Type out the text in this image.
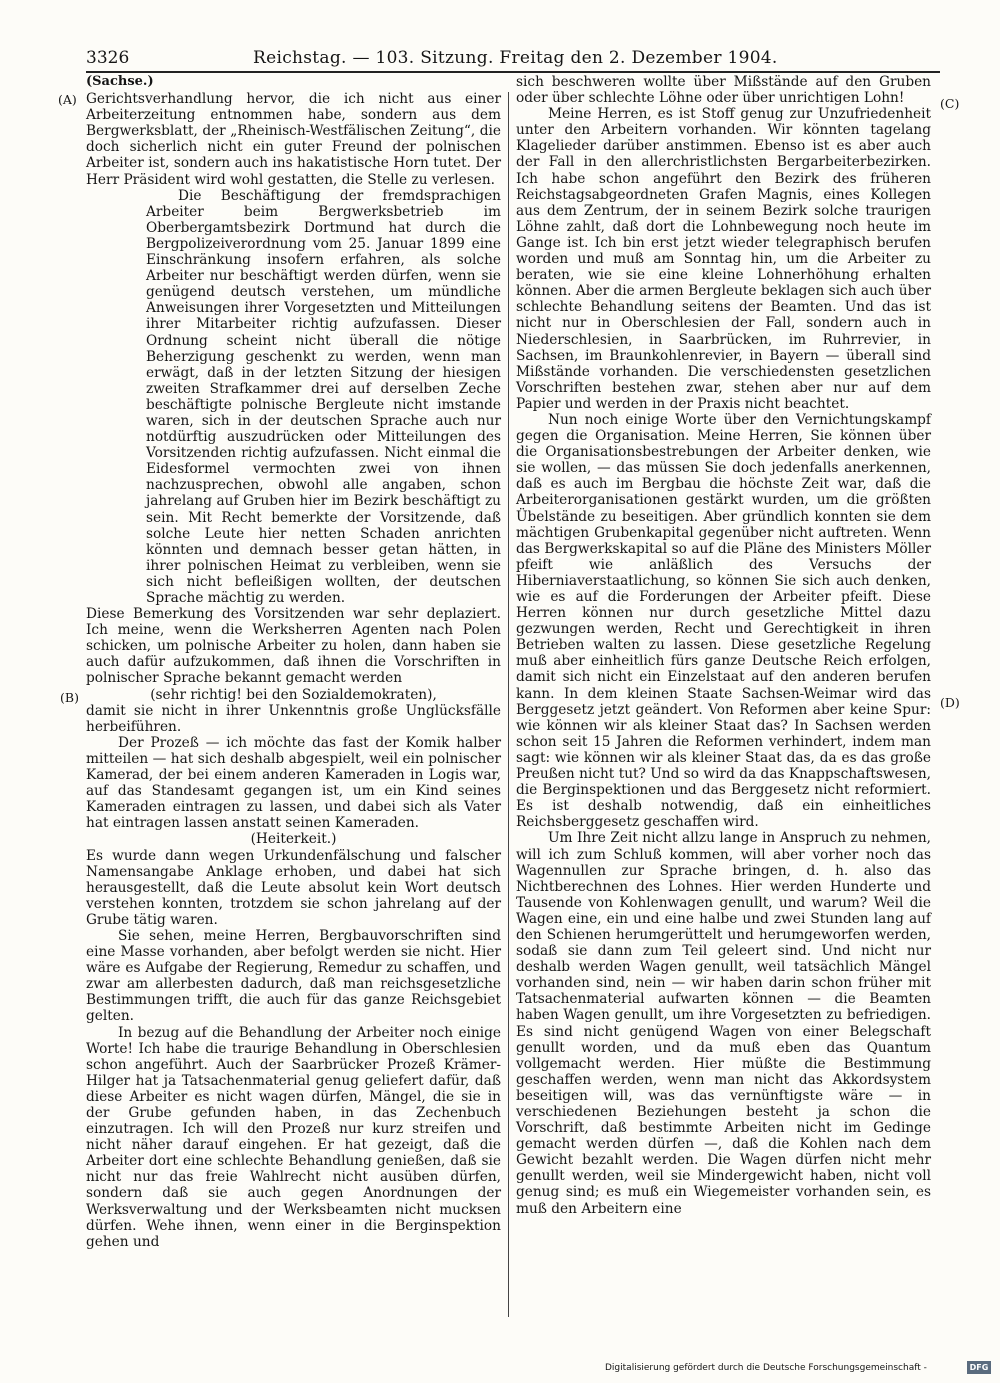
3326	Reichstag. — 103. Sitzung. Freitag den 2. Dezember 1904.
(A)
(B)
(C)
(D)
(Sachse.)

Gerichtsverhandlung hervor, die ich nicht aus einer Arbeiterzeitung entnommen habe, sondern aus dem Bergwerksblatt, der „Rheinisch-Westfälischen Zeitung“, die doch sicherlich nicht ein guter Freund der polnischen Arbeiter ist, sondern auch ins hakatistische Horn tutet. Der Herr Präsident wird wohl gestatten, die Stelle zu verlesen.

Die Beschäftigung der fremdsprachigen Arbeiter beim Bergwerksbetrieb im Oberbergamtsbezirk Dortmund hat durch die Bergpolizeiverordnung vom 25. Januar 1899 eine Einschränkung insofern erfahren, als solche Arbeiter nur beschäftigt werden dürfen, wenn sie genügend deutsch verstehen, um mündliche Anweisungen ihrer Vorgesetzten und Mitteilungen ihrer Mitarbeiter richtig aufzufassen. Dieser Ordnung scheint nicht überall die nötige Beherzigung geschenkt zu werden, wenn man erwägt, daß in der letzten Sitzung der hiesigen zweiten Strafkammer drei auf derselben Zeche beschäftigte polnische Bergleute nicht imstande waren, sich in der deutschen Sprache auch nur notdürftig auszudrücken oder Mitteilungen des Vorsitzenden richtig aufzufassen. Nicht einmal die Eidesformel vermochten zwei von ihnen nachzusprechen, obwohl alle angaben, schon jahrelang auf Gruben hier im Bezirk beschäftigt zu sein. Mit Recht bemerkte der Vorsitzende, daß solche Leute hier netten Schaden anrichten könnten und demnach besser getan hätten, in ihrer polnischen Heimat zu verbleiben, wenn sie sich nicht befleißigen wollten, der deutschen Sprache mächtig zu werden.

Diese Bemerkung des Vorsitzenden war sehr deplaziert. Ich meine, wenn die Werksherren Agenten nach Polen schicken, um polnische Arbeiter zu holen, dann haben sie auch dafür aufzukommen, daß ihnen die Vorschriften in polnischer Sprache bekannt gemacht werden

(sehr richtig! bei den Sozialdemokraten),

damit sie nicht in ihrer Unkenntnis große Unglücksfälle herbeiführen.

Der Prozeß — ich möchte das fast der Komik halber mitteilen — hat sich deshalb abgespielt, weil ein polnischer Kamerad, der bei einem anderen Kameraden in Logis war, auf das Standesamt gegangen ist, um ein Kind seines Kameraden eintragen zu lassen, und dabei sich als Vater hat eintragen lassen anstatt seinen Kameraden.

(Heiterkeit.)

Es wurde dann wegen Urkundenfälschung und falscher Namensangabe Anklage erhoben, und dabei hat sich herausgestellt, daß die Leute absolut kein Wort deutsch verstehen konnten, trotzdem sie schon jahrelang auf der Grube tätig waren.

Sie sehen, meine Herren, Bergbauvorschriften sind eine Masse vorhanden, aber befolgt werden sie nicht. Hier wäre es Aufgabe der Regierung, Remedur zu schaffen, und zwar am allerbesten dadurch, daß man reichsgesetzliche Bestimmungen trifft, die auch für das ganze Reichsgebiet gelten.

In bezug auf die Behandlung der Arbeiter noch einige Worte! Ich habe die traurige Behandlung in Oberschlesien schon angeführt. Auch der Saarbrücker Prozeß Krämer-Hilger hat ja Tatsachenmaterial genug geliefert dafür, daß diese Arbeiter es nicht wagen dürfen, Mängel, die sie in der Grube gefunden haben, in das Zechenbuch einzutragen. Ich will den Prozeß nur kurz streifen und nicht näher darauf eingehen. Er hat gezeigt, daß die Arbeiter dort eine schlechte Behandlung genießen, daß sie nicht nur das freie Wahlrecht nicht ausüben dürfen, sondern daß sie auch gegen Anordnungen der Werksverwaltung und der Werksbeamten nicht mucksen dürfen. Wehe ihnen, wenn einer in die Berginspektion gehen und

sich beschweren wollte über Mißstände auf den Gruben oder über schlechte Löhne oder über unrichtigen Lohn!

Meine Herren, es ist Stoff genug zur Unzufriedenheit unter den Arbeitern vorhanden. Wir könnten tagelang Klagelieder darüber anstimmen. Ebenso ist es aber auch der Fall in den allerchristlichsten Bergarbeiterbezirken. Ich habe schon angeführt den Bezirk des früheren Reichstagsabgeordneten Grafen Magnis, eines Kollegen aus dem Zentrum, der in seinem Bezirk solche traurigen Löhne zahlt, daß dort die Lohnbewegung noch heute im Gange ist. Ich bin erst jetzt wieder telegraphisch berufen worden und muß am Sonntag hin, um die Arbeiter zu beraten, wie sie eine kleine Lohnerhöhung erhalten können. Aber die armen Bergleute beklagen sich auch über schlechte Behandlung seitens der Beamten. Und das ist nicht nur in Oberschlesien der Fall, sondern auch in Niederschlesien, in Saarbrücken, im Ruhrrevier, in Sachsen, im Braunkohlenrevier, in Bayern — überall sind Mißstände vorhanden. Die verschiedensten gesetzlichen Vorschriften bestehen zwar, stehen aber nur auf dem Papier und werden in der Praxis nicht beachtet.

Nun noch einige Worte über den Vernichtungskampf gegen die Organisation. Meine Herren, Sie können über die Organisationsbestrebungen der Arbeiter denken, wie sie wollen, — das müssen Sie doch jedenfalls anerkennen, daß es auch im Bergbau die höchste Zeit war, daß die Arbeiterorganisationen gestärkt wurden, um die größten Übelstände zu beseitigen. Aber gründlich konnten sie dem mächtigen Grubenkapital gegenüber nicht auftreten. Wenn das Bergwerkskapital so auf die Pläne des Ministers Möller pfeift wie anläßlich des Versuchs der Hiberniaverstaatlichung, so können Sie sich auch denken, wie es auf die Forderungen der Arbeiter pfeift. Diese Herren können nur durch gesetzliche Mittel dazu gezwungen werden, Recht und Gerechtigkeit in ihren Betrieben walten zu lassen. Diese gesetzliche Regelung muß aber einheitlich fürs ganze Deutsche Reich erfolgen, damit sich nicht ein Einzelstaat auf den anderen berufen kann. In dem kleinen Staate Sachsen-Weimar wird das Berggesetz jetzt geändert. Von Reformen aber keine Spur: wie können wir als kleiner Staat das? In Sachsen werden schon seit 15 Jahren die Reformen verhindert, indem man sagt: wie können wir als kleiner Staat das, da es das große Preußen nicht tut? Und so wird da das Knappschaftswesen, die Berginspektionen und das Berggesetz nicht reformiert. Es ist deshalb notwendig, daß ein einheitliches Reichsberggesetz geschaffen wird.

Um Ihre Zeit nicht allzu lange in Anspruch zu nehmen, will ich zum Schluß kommen, will aber vorher noch das Wagennullen zur Sprache bringen, d. h. also das Nichtberechnen des Lohnes. Hier werden Hunderte und Tausende von Kohlenwagen genullt, und warum? Weil die Wagen eine, ein und eine halbe und zwei Stunden lang auf den Schienen herumgerüttelt und herumgeworfen werden, sodaß sie dann zum Teil geleert sind. Und nicht nur deshalb werden Wagen genullt, weil tatsächlich Mängel vorhanden sind, nein — wir haben darin schon früher mit Tatsachenmaterial aufwarten können — die Beamten haben Wagen genullt, um ihre Vorgesetzten zu befriedigen. Es sind nicht genügend Wagen von einer Belegschaft genullt worden, und da muß eben das Quantum vollgemacht werden. Hier müßte die Bestimmung geschaffen werden, wenn man nicht das Akkordsystem beseitigen will, was das vernünftigste wäre — in verschiedenen Beziehungen besteht ja schon die Vorschrift, daß bestimmte Arbeiten nicht im Gedinge gemacht werden dürfen —, daß die Kohlen nach dem Gewicht bezahlt werden. Die Wagen dürfen nicht mehr genullt werden, weil sie Mindergewicht haben, nicht voll genug sind; es muß ein Wiegemeister vorhanden sein, es muß den Arbeitern eine

Digitalisierung gefördert durch die Deutsche Forschungsgemeinschaft -	DFG
